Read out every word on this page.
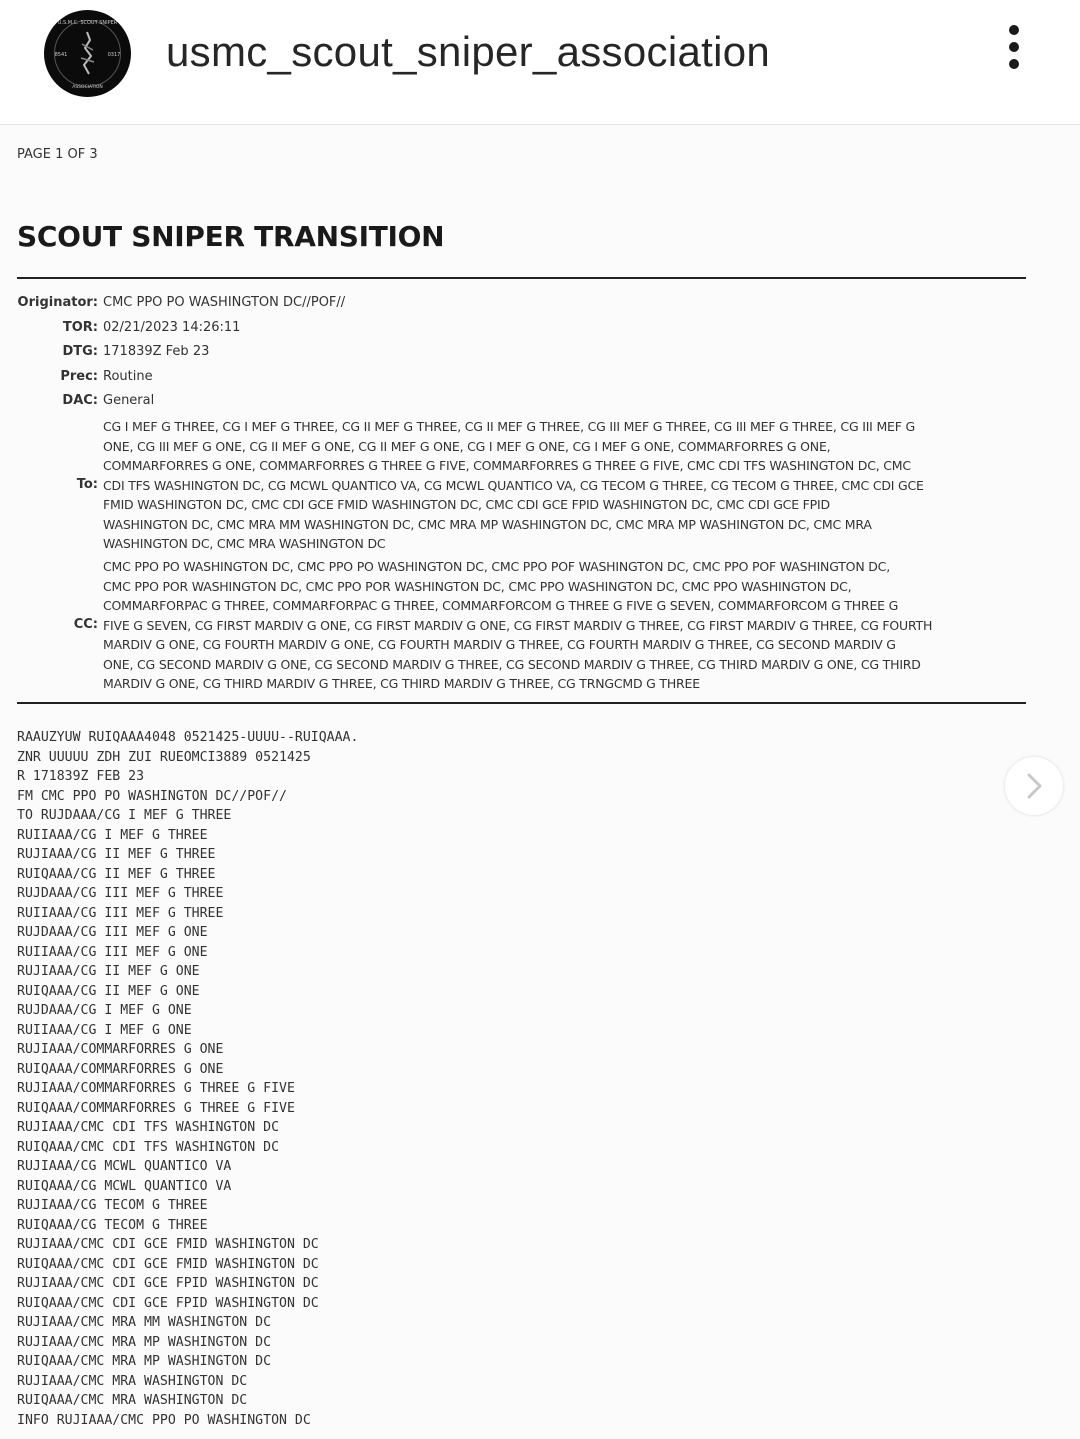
U.S.M.C. SCOUT SNIPER
8541	0317
ASSOCIATION
usmc_scout_sniper_association
PAGE 1 OF 3
SCOUT SNIPER TRANSITION
Originator: CMC PPO PO WASHINGTON DC//POF//
TOR: 02/21/2023 14:26:11
DTG: 171839Z Feb 23
Prec: Routine
DAC: General
To:
CG I MEF G THREE, CG I MEF G THREE, CG II MEF G THREE, CG II MEF G THREE, CG III MEF G THREE, CG III MEF G THREE, CG III MEF G
ONE, CG III MEF G ONE, CG II MEF G ONE, CG II MEF G ONE, CG I MEF G ONE, CG I MEF G ONE, COMMARFORRES G ONE,
COMMARFORRES G ONE, COMMARFORRES G THREE G FIVE, COMMARFORRES G THREE G FIVE, CMC CDI TFS WASHINGTON DC, CMC
CDI TFS WASHINGTON DC, CG MCWL QUANTICO VA, CG MCWL QUANTICO VA, CG TECOM G THREE, CG TECOM G THREE, CMC CDI GCE
FMID WASHINGTON DC, CMC CDI GCE FMID WASHINGTON DC, CMC CDI GCE FPID WASHINGTON DC, CMC CDI GCE FPID
WASHINGTON DC, CMC MRA MM WASHINGTON DC, CMC MRA MP WASHINGTON DC, CMC MRA MP WASHINGTON DC, CMC MRA
WASHINGTON DC, CMC MRA WASHINGTON DC
CC:
CMC PPO PO WASHINGTON DC, CMC PPO PO WASHINGTON DC, CMC PPO POF WASHINGTON DC, CMC PPO POF WASHINGTON DC,
CMC PPO POR WASHINGTON DC, CMC PPO POR WASHINGTON DC, CMC PPO WASHINGTON DC, CMC PPO WASHINGTON DC,
COMMARFORPAC G THREE, COMMARFORPAC G THREE, COMMARFORCOM G THREE G FIVE G SEVEN, COMMARFORCOM G THREE G
FIVE G SEVEN, CG FIRST MARDIV G ONE, CG FIRST MARDIV G ONE, CG FIRST MARDIV G THREE, CG FIRST MARDIV G THREE, CG FOURTH
MARDIV G ONE, CG FOURTH MARDIV G ONE, CG FOURTH MARDIV G THREE, CG FOURTH MARDIV G THREE, CG SECOND MARDIV G
ONE, CG SECOND MARDIV G ONE, CG SECOND MARDIV G THREE, CG SECOND MARDIV G THREE, CG THIRD MARDIV G ONE, CG THIRD
MARDIV G ONE, CG THIRD MARDIV G THREE, CG THIRD MARDIV G THREE, CG TRNGCMD G THREE
RAAUZYUW RUIQAAA4048 0521425-UUUU--RUIQAAA.
ZNR UUUUU ZDH ZUI RUEOMCI3889 0521425
R 171839Z FEB 23
FM CMC PPO PO WASHINGTON DC//POF//
TO RUJDAAA/CG I MEF G THREE
RUIIAAA/CG I MEF G THREE
RUJIAAA/CG II MEF G THREE
RUIQAAA/CG II MEF G THREE
RUJDAAA/CG III MEF G THREE
RUIIAAA/CG III MEF G THREE
RUJDAAA/CG III MEF G ONE
RUIIAAA/CG III MEF G ONE
RUJIAAA/CG II MEF G ONE
RUIQAAA/CG II MEF G ONE
RUJDAAA/CG I MEF G ONE
RUIIAAA/CG I MEF G ONE
RUJIAAA/COMMARFORRES G ONE
RUIQAAA/COMMARFORRES G ONE
RUJIAAA/COMMARFORRES G THREE G FIVE
RUIQAAA/COMMARFORRES G THREE G FIVE
RUJIAAA/CMC CDI TFS WASHINGTON DC
RUIQAAA/CMC CDI TFS WASHINGTON DC
RUJIAAA/CG MCWL QUANTICO VA
RUIQAAA/CG MCWL QUANTICO VA
RUJIAAA/CG TECOM G THREE
RUIQAAA/CG TECOM G THREE
RUJIAAA/CMC CDI GCE FMID WASHINGTON DC
RUIQAAA/CMC CDI GCE FMID WASHINGTON DC
RUJIAAA/CMC CDI GCE FPID WASHINGTON DC
RUIQAAA/CMC CDI GCE FPID WASHINGTON DC
RUJIAAA/CMC MRA MM WASHINGTON DC
RUJIAAA/CMC MRA MP WASHINGTON DC
RUIQAAA/CMC MRA MP WASHINGTON DC
RUJIAAA/CMC MRA WASHINGTON DC
RUIQAAA/CMC MRA WASHINGTON DC
INFO RUJIAAA/CMC PPO PO WASHINGTON DC
